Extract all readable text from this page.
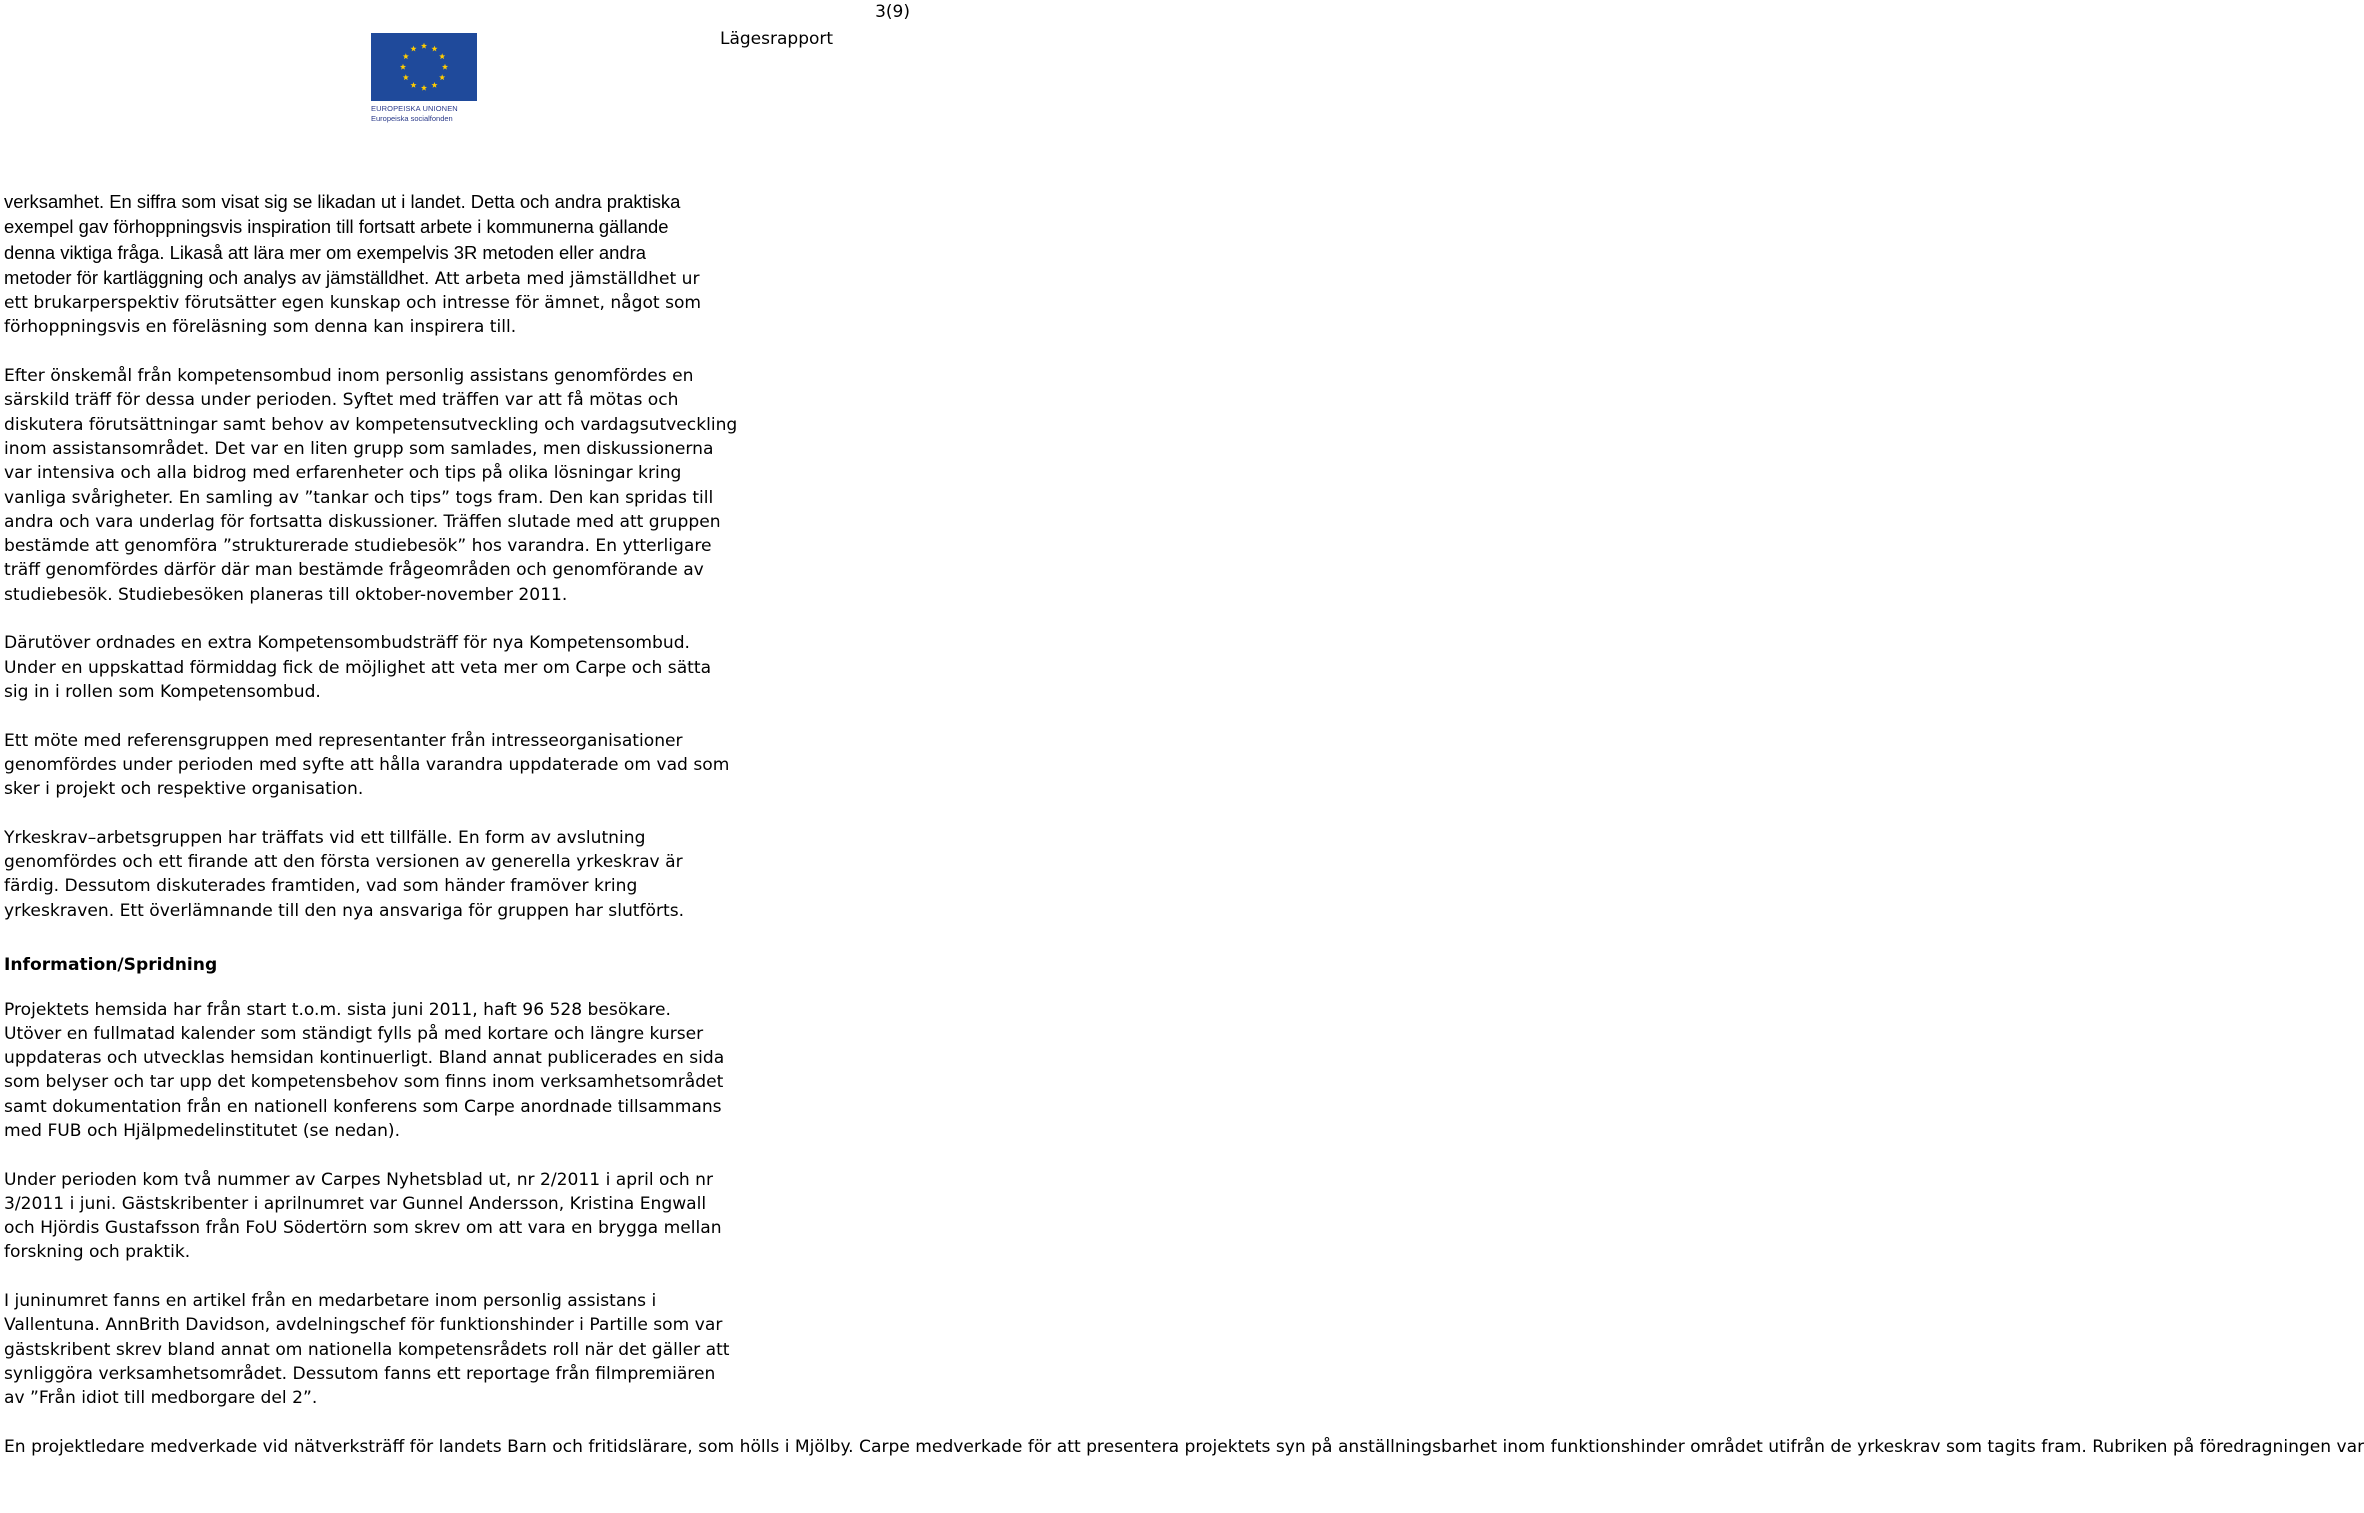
3(9)
Lägesrapport
EUROPEISKA UNIONEN
Europeiska socialfonden

verksamhet. En siffra som visat sig se likadan ut i landet. Detta och andra praktiska
exempel gav förhoppningsvis inspiration till fortsatt arbete i kommunerna gällande
denna viktiga fråga. Likaså att lära mer om exempelvis 3R metoden eller andra
metoder för kartläggning och analys av jämställdhet. Att arbeta med jämställdhet ur
ett brukarperspektiv förutsätter egen kunskap och intresse för ämnet, något som
förhoppningsvis en föreläsning som denna kan inspirera till.

Efter önskemål från kompetensombud inom personlig assistans genomfördes en
särskild träff för dessa under perioden. Syftet med träffen var att få mötas och
diskutera förutsättningar samt behov av kompetensutveckling och vardagsutveckling
inom assistansområdet. Det var en liten grupp som samlades, men diskussionerna
var intensiva och alla bidrog med erfarenheter och tips på olika lösningar kring
vanliga svårigheter. En samling av ”tankar och tips” togs fram. Den kan spridas till
andra och vara underlag för fortsatta diskussioner. Träffen slutade med att gruppen
bestämde att genomföra ”strukturerade studiebesök” hos varandra. En ytterligare
träff genomfördes därför där man bestämde frågeområden och genomförande av
studiebesök. Studiebesöken planeras till oktober-november 2011.

Därutöver ordnades en extra Kompetensombudsträff för nya Kompetensombud.
Under en uppskattad förmiddag fick de möjlighet att veta mer om Carpe och sätta
sig in i rollen som Kompetensombud.

Ett möte med referensgruppen med representanter från intresseorganisationer
genomfördes under perioden med syfte att hålla varandra uppdaterade om vad som
sker i projekt och respektive organisation.

Yrkeskrav–arbetsgruppen har träffats vid ett tillfälle. En form av avslutning
genomfördes och ett firande att den första versionen av generella yrkeskrav är
färdig. Dessutom diskuterades framtiden, vad som händer framöver kring
yrkeskraven. Ett överlämnande till den nya ansvariga för gruppen har slutförts.

Information/Spridning

Projektets hemsida har från start t.o.m. sista juni 2011, haft 96 528 besökare.
Utöver en fullmatad kalender som ständigt fylls på med kortare och längre kurser
uppdateras och utvecklas hemsidan kontinuerligt. Bland annat publicerades en sida
som belyser och tar upp det kompetensbehov som finns inom verksamhetsområdet
samt dokumentation från en nationell konferens som Carpe anordnade tillsammans
med FUB och Hjälpmedelinstitutet (se nedan).

Under perioden kom två nummer av Carpes Nyhetsblad ut, nr 2/2011 i april och nr
3/2011 i juni. Gästskribenter i aprilnumret var Gunnel Andersson, Kristina Engwall
och Hjördis Gustafsson från FoU Södertörn som skrev om att vara en brygga mellan
forskning och praktik.

I juninumret fanns en artikel från en medarbetare inom personlig assistans i
Vallentuna. AnnBrith Davidson, avdelningschef för funktionshinder i Partille som var
gästskribent skrev bland annat om nationella kompetensrådets roll när det gäller att
synliggöra verksamhetsområdet. Dessutom fanns ett reportage från filmpremiären
av ”Från idiot till medborgare del 2”.

En projektledare medverkade vid nätverksträff för landets Barn och fritidslärare, som hölls i Mjölby. Carpe medverkade för att presentera projektets syn på anställningsbarhet inom funktionshinder området utifrån de yrkeskrav som tagits fram. Rubriken på föredragningen var
